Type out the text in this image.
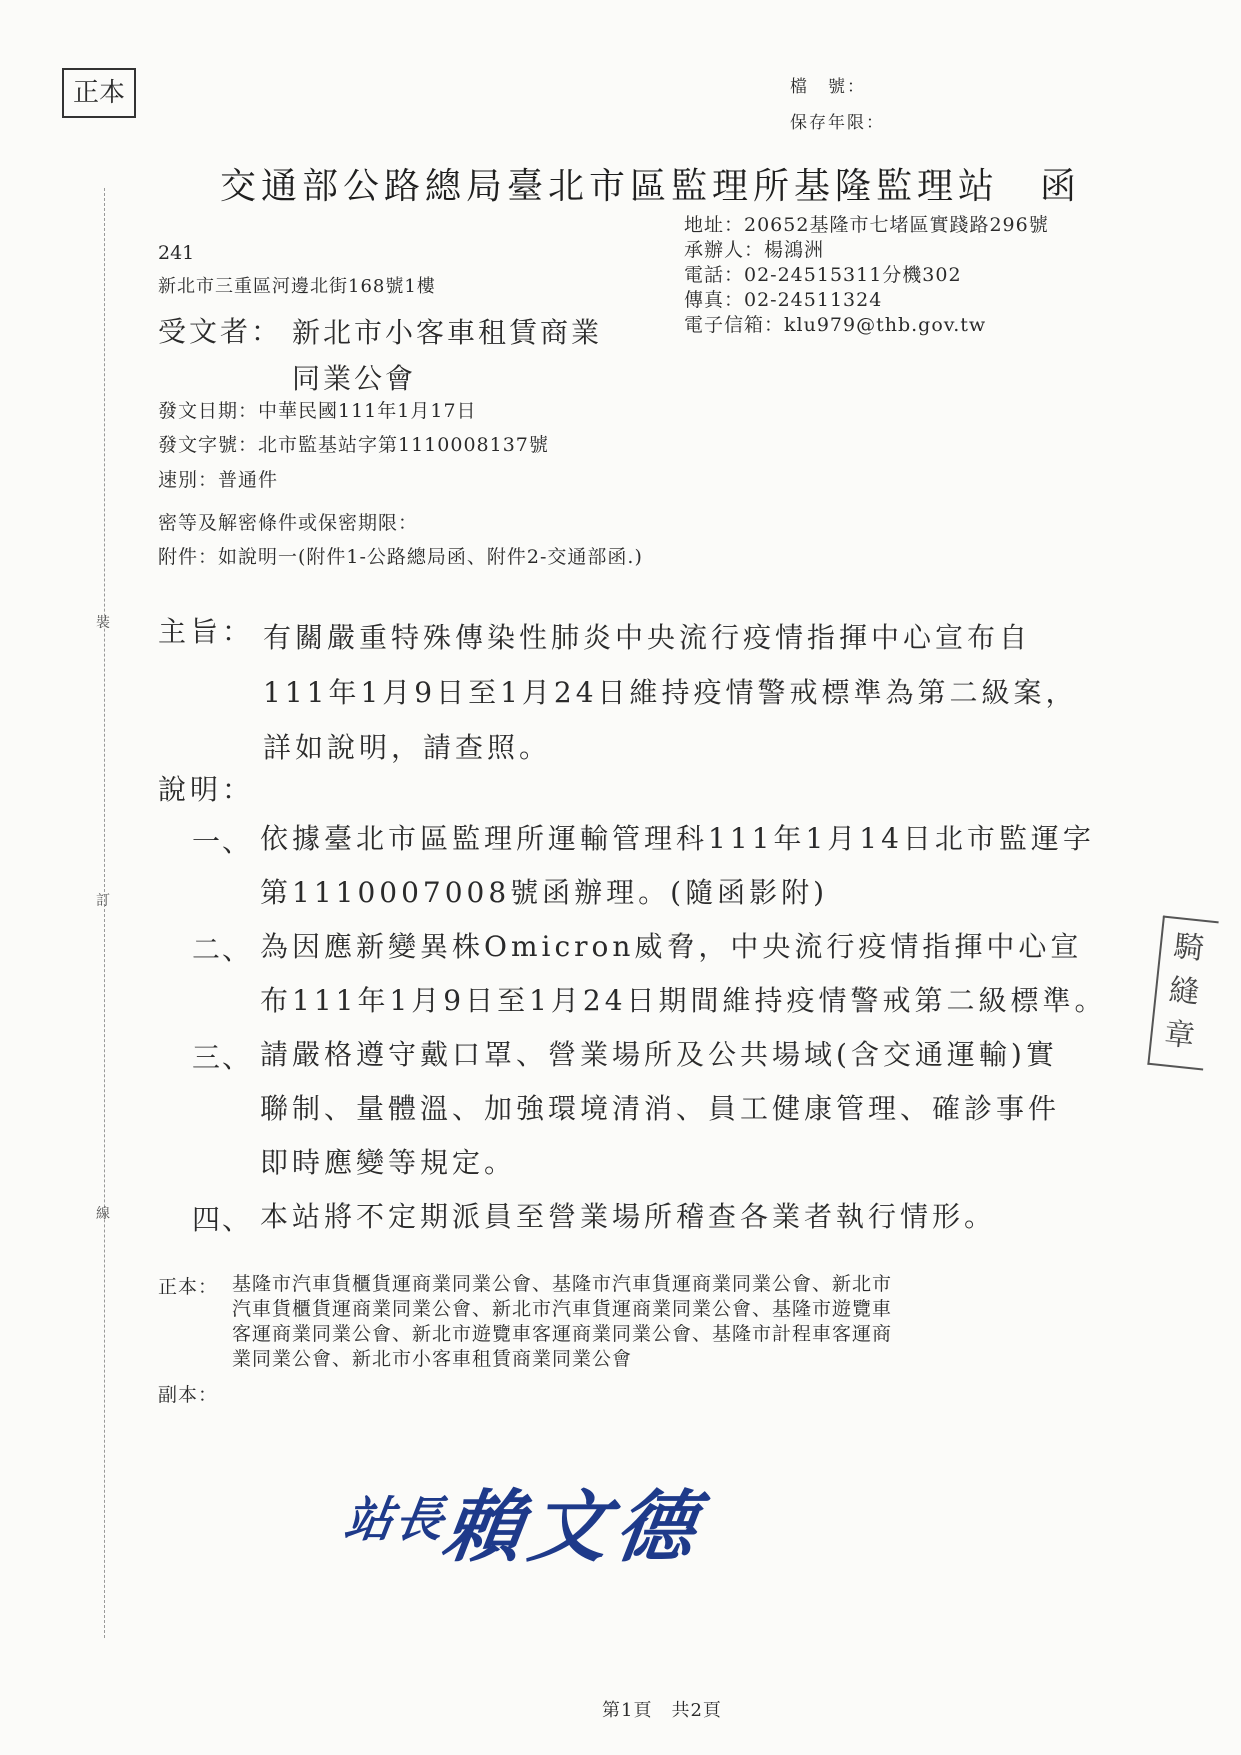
裝
訂
線
正本	檔　號：
保存年限：
交通部公路總局臺北市區監理所基隆監理站　函
地址：20652基隆市七堵區實踐路296號
承辦人：楊鴻洲
電話：02-24515311分機302
傳真：02-24511324
電子信箱：klu979@thb.gov.tw
241
新北市三重區河邊北街168號1樓
受文者： 新北市小客車租賃商業
同業公會
發文日期：中華民國111年1月17日
發文字號：北市監基站字第1110008137號
速別：普通件
密等及解密條件或保密期限：
附件：如說明一(附件1-公路總局函、附件2-交通部函.)
主旨： 有關嚴重特殊傳染性肺炎中央流行疫情指揮中心宣布自
111年1月9日至1月24日維持疫情警戒標準為第二級案，
詳如說明，請查照。
說明：
一、 依據臺北市區監理所運輸管理科111年1月14日北市監運字
第1110007008號函辦理。(隨函影附)
二、 為因應新變異株Omicron威脅，中央流行疫情指揮中心宣
布111年1月9日至1月24日期間維持疫情警戒第二級標準。
三、 請嚴格遵守戴口罩、營業場所及公共場域(含交通運輸)實
聯制、量體溫、加強環境清消、員工健康管理、確診事件
即時應變等規定。
四、 本站將不定期派員至營業場所稽查各業者執行情形。
正本： 基隆市汽車貨櫃貨運商業同業公會、基隆市汽車貨運商業同業公會、新北市
汽車貨櫃貨運商業同業公會、新北市汽車貨運商業同業公會、基隆市遊覽車
客運商業同業公會、新北市遊覽車客運商業同業公會、基隆市計程車客運商
業同業公會、新北市小客車租賃商業同業公會
副本：
$^{站長}$賴文德
騎
縫
章
第1頁　共2頁
